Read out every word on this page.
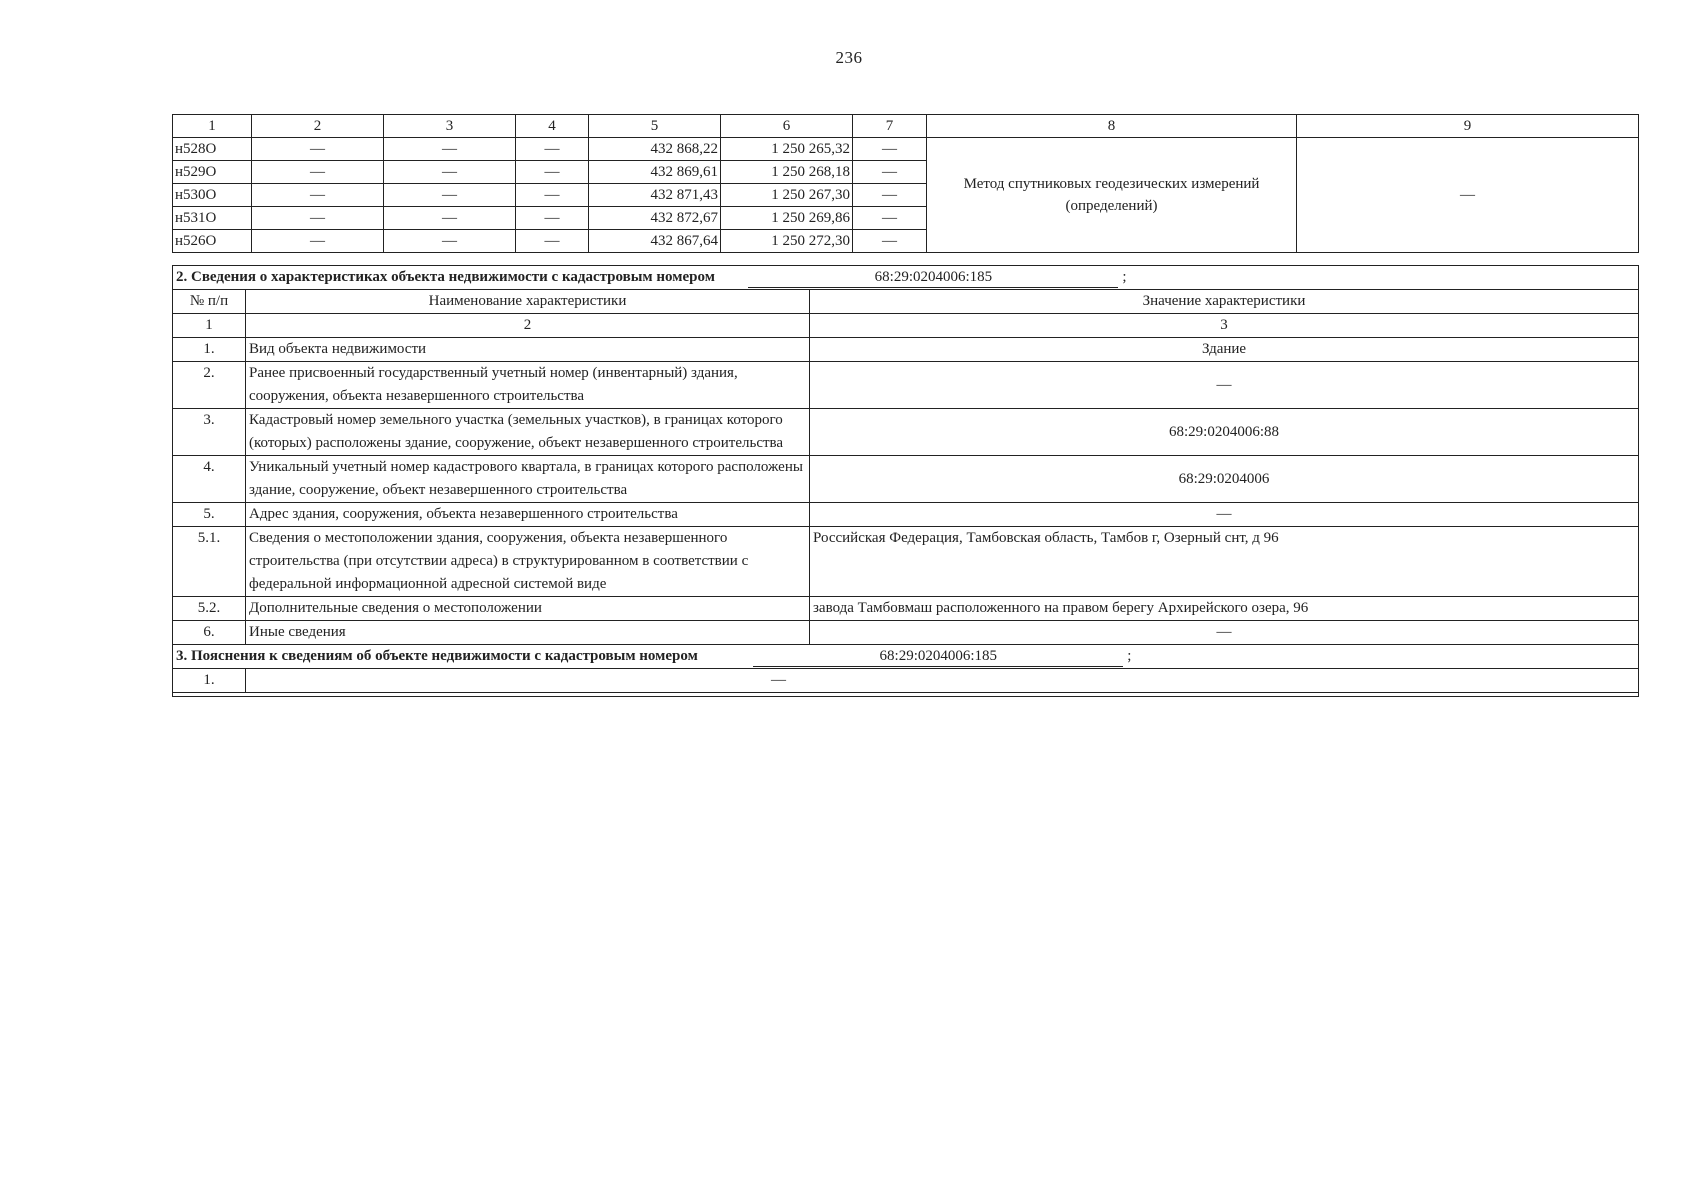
236
1	2	3	4	5	6	7	8	9
н528О	—	—	—	432 868,22	1 250 265,32	—	Метод спутниковых геодезических измерений (определений)	—
н529О	—	—	—	432 869,61	1 250 268,18	—		
н530О	—	—	—	432 871,43	1 250 267,30	—		
н531О	—	—	—	432 872,67	1 250 269,86	—		
н526О	—	—	—	432 867,64	1 250 272,30	—		
2. Сведения о характеристиках объекта недвижимости с кадастровым номером 68:29:0204006:185 ;		
№ п/п	Наименование характеристики	Значение характеристики
1	2	3
1.	Вид объекта недвижимости	Здание
2.	Ранее присвоенный государственный учетный номер (инвентарный) здания, сооружения, объекта незавершенного строительства	—
3.	Кадастровый номер земельного участка (земельных участков), в границах которого (которых) расположены здание, сооружение, объект незавершенного строительства	68:29:0204006:88
4.	Уникальный учетный номер кадастрового квартала, в границах которого расположены здание, сооружение, объект незавершенного строительства	68:29:0204006
5.	Адрес здания, сооружения, объекта незавершенного строительства	—
5.1.	Сведения о местоположении здания, сооружения, объекта незавершенного строительства (при отсутствии адреса) в структурированном в соответствии с федеральной информационной адресной системой виде	Российская Федерация, Тамбовская область, Тамбов г, Озерный снт, д 96
5.2.	Дополнительные сведения о местоположении	завода Тамбовмаш расположенного на правом берегу Архирейского озера, 96
6.	Иные сведения	—
3. Пояснения к сведениям об объекте недвижимости с кадастровым номером 68:29:0204006:185 ;		
1.	—	
